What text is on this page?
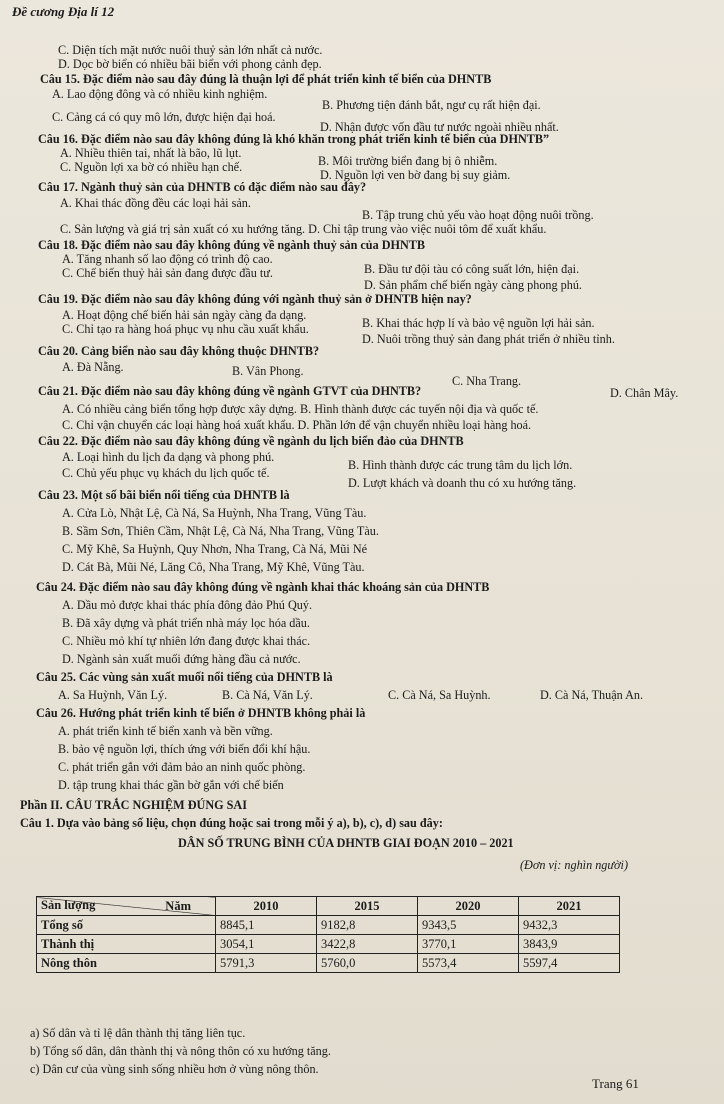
Đề cương Địa lí 12
C. Diện tích mặt nước nuôi thuỷ sản lớn nhất cả nước.
D. Dọc bờ biển có nhiều bãi biển với phong cảnh đẹp.
Câu 15. Đặc điểm nào sau đây đúng là thuận lợi để phát triển kinh tế biển của DHNTB
A. Lao động đông và có nhiều kinh nghiệm.
B. Phương tiện đánh bắt, ngư cụ rất hiện đại.
C. Cảng cá có quy mô lớn, được hiện đại hoá.
D. Nhận được vốn đầu tư nước ngoài nhiều nhất.
Câu 16. Đặc điểm nào sau đây không đúng là khó khăn trong phát triển kinh tế biển của DHNTB”
A. Nhiều thiên tai, nhất là bão, lũ lụt.
B. Môi trường biển đang bị ô nhiễm.
C. Nguồn lợi xa bờ có nhiều hạn chế.
D. Nguồn lợi ven bờ đang bị suy giảm.
Câu 17. Ngành thuỷ sản của DHNTB có đặc điểm nào sau đây?
A. Khai thác đồng đều các loại hải sản.
B. Tập trung chủ yếu vào hoạt động nuôi trồng.
C. Sản lượng và giá trị sản xuất có xu hướng tăng. D. Chỉ tập trung vào việc nuôi tôm để xuất khẩu.
Câu 18. Đặc điểm nào sau đây không đúng về ngành thuỷ sản của DHNTB
A. Tăng nhanh số lao động có trình độ cao.
B. Đầu tư đội tàu có công suất lớn, hiện đại.
C. Chế biến thuỷ hải sản đang được đầu tư.
D. Sản phẩm chế biến ngày càng phong phú.
Câu 19. Đặc điểm nào sau đây không đúng với ngành thuỷ sản ở DHNTB hiện nay?
A. Hoạt động chế biến hải sản ngày càng đa dạng.
B. Khai thác hợp lí và bảo vệ nguồn lợi hải sản.
C. Chỉ tạo ra hàng hoá phục vụ nhu cầu xuất khẩu.
D. Nuôi trồng thuỷ sản đang phát triển ở nhiều tỉnh.
Câu 20. Cảng biển nào sau đây không thuộc DHNTB?
A. Đà Nẵng.	B. Vân Phong.
C. Nha Trang.
D. Chân Mây.
Câu 21. Đặc điểm nào sau đây không đúng về ngành GTVT của DHNTB?
A. Có nhiều cảng biển tổng hợp được xây dựng. B. Hình thành được các tuyến nội địa và quốc tế.
C. Chỉ vận chuyển các loại hàng hoá xuất khẩu. D. Phần lớn để vận chuyển nhiều loại hàng hoá.
Câu 22. Đặc điểm nào sau đây không đúng về ngành du lịch biển đảo của DHNTB
A. Loại hình du lịch đa dạng và phong phú.
B. Hình thành được các trung tâm du lịch lớn.
C. Chủ yếu phục vụ khách du lịch quốc tế.
D. Lượt khách và doanh thu có xu hướng tăng.
Câu 23. Một số bãi biển nổi tiếng của DHNTB là
A. Cửa Lò, Nhật Lệ, Cà Ná, Sa Huỳnh, Nha Trang, Vũng Tàu.
B. Sầm Sơn, Thiên Cầm, Nhật Lệ, Cà Ná, Nha Trang, Vũng Tàu.
C. Mỹ Khê, Sa Huỳnh, Quy Nhơn, Nha Trang, Cà Ná, Mũi Né
D. Cát Bà, Mũi Né, Lăng Cô, Nha Trang, Mỹ Khê, Vũng Tàu.
Câu 24. Đặc điểm nào sau đây không đúng về ngành khai thác khoáng sản của DHNTB
A. Dầu mỏ được khai thác phía đông đảo Phú Quý.
B. Đã xây dựng và phát triển nhà máy lọc hóa dầu.
C. Nhiều mỏ khí tự nhiên lớn đang được khai thác.
D. Ngành sản xuất muối đứng hàng đầu cả nước.
Câu 25. Các vùng sản xuất muối nổi tiếng của DHNTB là
A. Sa Huỳnh, Văn Lý.	B. Cà Ná, Văn Lý.	C. Cà Ná, Sa Huỳnh.	D. Cà Ná, Thuận An.
Câu 26. Hướng phát triển kinh tế biển ở DHNTB không phải là
A. phát triển kinh tế biển xanh và bền vững.
B. bảo vệ nguồn lợi, thích ứng với biến đổi khí hậu.
C. phát triển gắn với đảm bảo an ninh quốc phòng.
D. tập trung khai thác gần bờ gắn với chế biến
Phần II. CÂU TRẮC NGHIỆM ĐÚNG SAI
Câu 1. Dựa vào bảng số liệu, chọn đúng hoặc sai trong mỗi ý a), b), c), d) sau đây:
DÂN SỐ TRUNG BÌNH CỦA DHNTB GIAI ĐOẠN 2010 – 2021
(Đơn vị: nghìn người)
a) Số dân và tỉ lệ dân thành thị tăng liên tục.
b) Tổng số dân, dân thành thị và nông thôn có xu hướng tăng.
c) Dân cư của vùng sinh sống nhiều hơn ở vùng nông thôn.
Năm
Sản lượng	2010	2015	2020	2021
Tổng số	8845,1	9182,8	9343,5	9432,3
Thành thị	3054,1	3422,8	3770,1	3843,9
Nông thôn	5791,3	5760,0	5573,4	5597,4
Trang 61
